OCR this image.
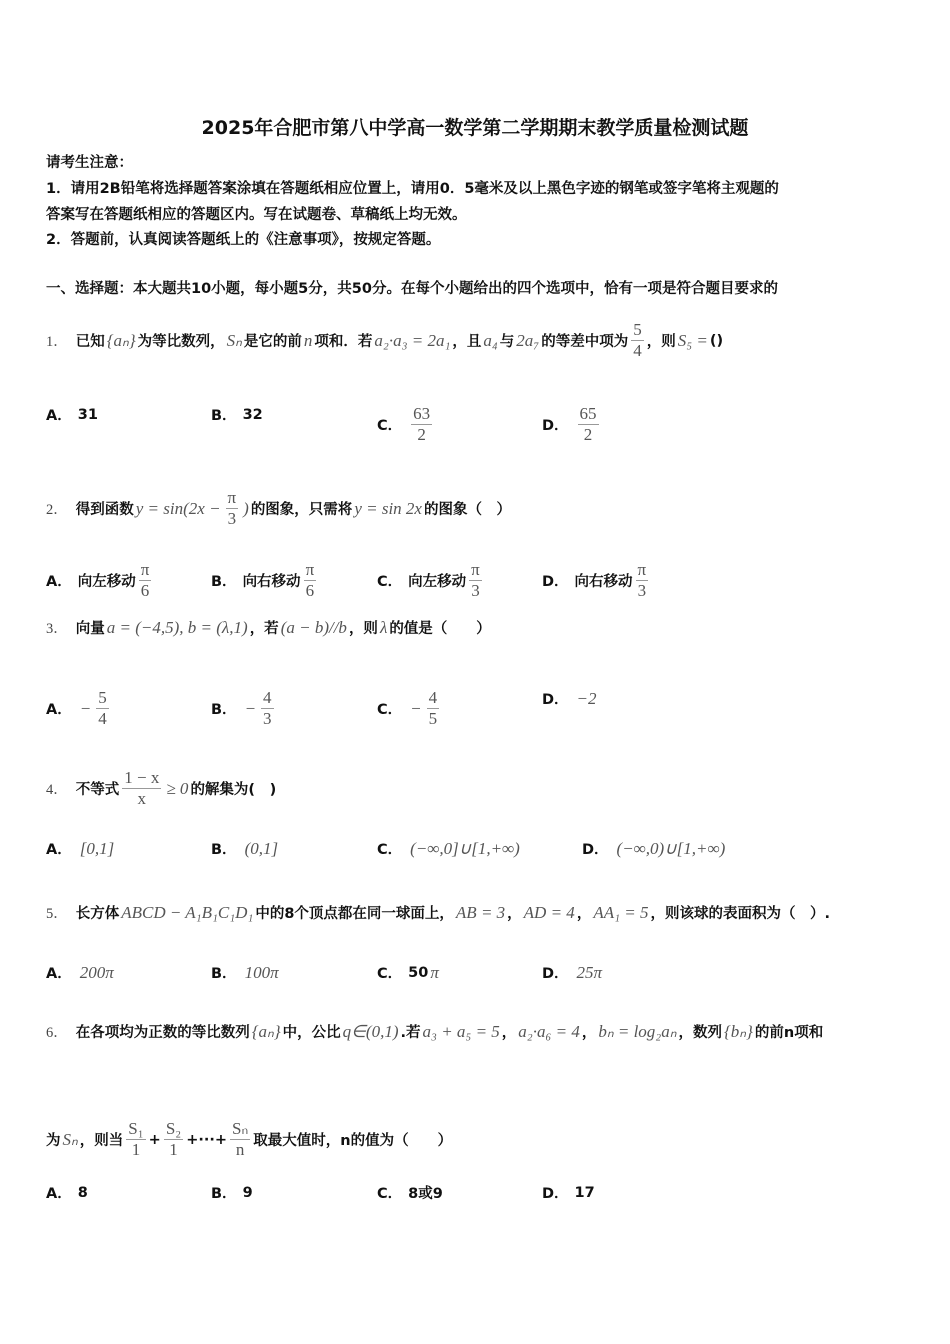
2025年合肥市第八中学高一数学第二学期期末教学质量检测试题
请考生注意：
1．请用2B铅笔将选择题答案涂填在答题纸相应位置上，请用0．5毫米及以上黑色字迹的钢笔或签字笔将主观题的
答案写在答题纸相应的答题区内。写在试题卷、草稿纸上均无效。
2．答题前，认真阅读答题纸上的《注意事项》，按规定答题。
一、选择题：本大题共10小题，每小题5分，共50分。在每个小题给出的四个选项中，恰有一项是符合题目要求的
1． 已知 {aₙ} 为等比数列， Sₙ 是它的前 n 项和．若 a₂·a₃ = 2a₁ ，且 a₄ 与 2a₇ 的等差中项为 $\frac{5}{4}$ ，则 S₅ = ()
A． 31	B． 32
C． $\frac{63}{2}$	D． $\frac{65}{2}$
2． 得到函数 $y = \sin(2x - \frac{\pi}{3}$ ) 的图象，只需将 y = sin 2x 的图象（　）
A． 向左移动 $\frac{\pi}{6}$	B． 向右移动 $\frac{\pi}{6}$	C． 向左移动 $\frac{\pi}{3}$	D． 向右移动 $\frac{\pi}{3}$
3． 向量 a = (−4,5), b = (λ,1) ，若 (a − b)//b ，则 λ 的值是（　　）
A． − $\frac{5}{4}$	B． − $\frac{4}{3}$	C． − $\frac{4}{5}$	D． −2
4． 不等式 $\frac{1 - x}{x} \ge 0$ 的解集为(　)
A． [0,1]	B． (0,1]	C． (−∞,0]∪[1,+∞)	D． (−∞,0)∪[1,+∞)
5． 长方体 ABCD − A₁B₁C₁D₁ 中的8个顶点都在同一球面上， AB = 3 ， AD = 4 ， AA₁ = 5 ，则该球的表面积为（　）.
A． 200π	B． 100π	C． 50 π	D． 25π
6． 在各项均为正数的等比数列 {aₙ} 中，公比 q∈(0,1) .若 a₃ + a₅ = 5 ， a₂·a₆ = 4 ， bₙ = log₂aₙ ，数列 {bₙ} 的前n项和
为 Sₙ ，则当 $\frac{\text{S₁}}{1} + \frac{\text{S₂}}{1}$ +···+ $\frac{\text{Sₙ}}{n}$ 取最大值时，n的值为（　　）
A． 8	B． 9	C． 8或9	D． 17
